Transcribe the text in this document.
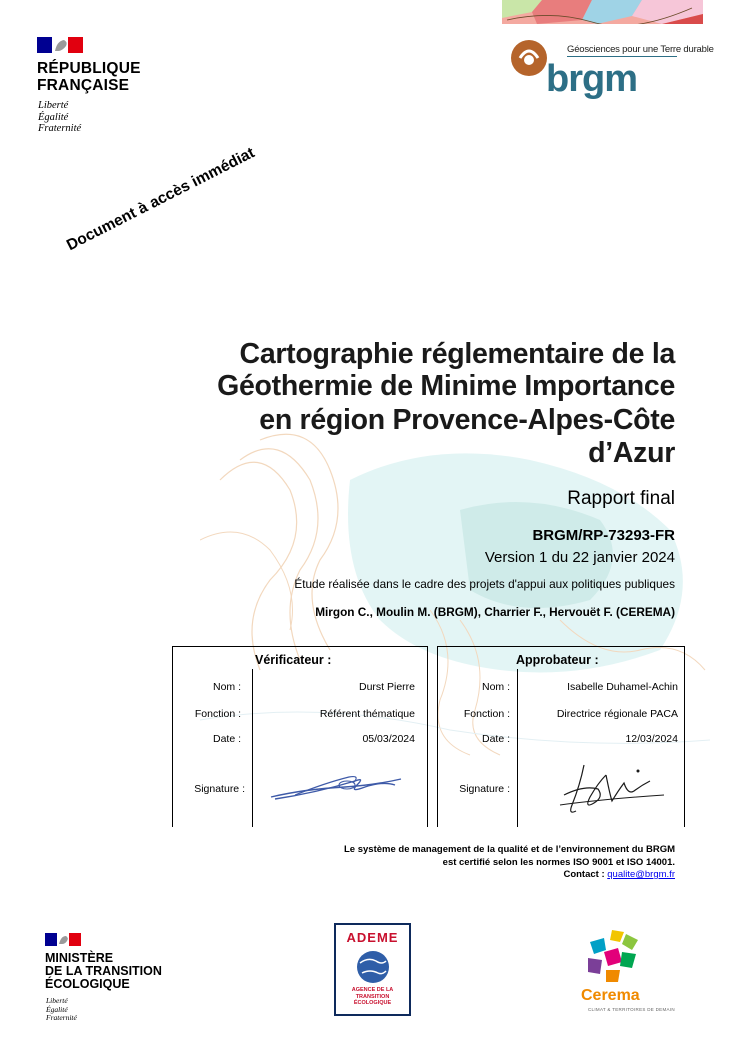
RÉPUBLIQUE
FRANÇAISE
Liberté
Égalité
Fraternité
Géosciences pour une Terre durable
brgm
Document à accès immédiat
Cartographie réglementaire de la
Géothermie de Minime Importance
en région Provence-Alpes-Côte
d’Azur
Rapport final
BRGM/RP-73293-FR
Version 1 du 22 janvier 2024
Étude réalisée dans le cadre des projets d'appui aux politiques publiques
Mirgon C., Moulin M. (BRGM), Charrier F., Hervouët F. (CEREMA)
Vérificateur :
Nom :	Durst Pierre
Fonction :	Référent thématique
Date :	05/03/2024
Signature :
Approbateur :
Nom :	Isabelle Duhamel-Achin
Fonction :	Directrice régionale PACA
Date :	12/03/2024
Signature :
Le système de management de la qualité et de l’environnement du BRGM
est certifié selon les normes ISO 9001 et ISO 14001.
Contact : qualite@brgm.fr
MINISTÈRE
DE LA TRANSITION
ÉCOLOGIQUE
Liberté
Égalité
Fraternité
ADEME
AGENCE DE LA
TRANSITION
ÉCOLOGIQUE	Cerema
CLIMAT & TERRITOIRES DE DEMAIN
